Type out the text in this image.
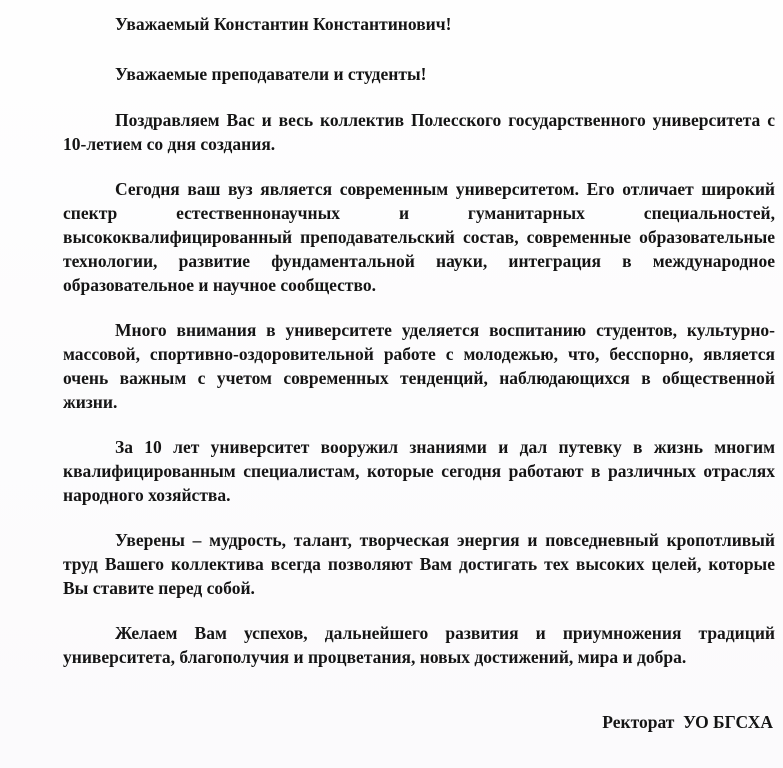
Уважаемый Константин Константинович!

Уважаемые преподаватели и студенты!

Поздравляем Вас и весь коллектив Полесского государственного университета с 10-летием со дня создания.

Сегодня ваш вуз является современным университетом. Его отличает широкий спектр естественнонаучных и гуманитарных специальностей, высококвалифицированный преподавательский состав, современные образовательные технологии, развитие фундаментальной науки, интеграция в международное образовательное и научное сообщество.

Много внимания в университете уделяется воспитанию студентов, культурно-массовой, спортивно-оздоровительной работе с молодежью, что, бесспорно, является очень важным с учетом современных тенденций, наблюдающихся в общественной жизни.

За 10 лет университет вооружил знаниями и дал путевку в жизнь многим квалифицированным специалистам, которые сегодня работают в различных отраслях народного хозяйства.

Уверены – мудрость, талант, творческая энергия и повседневный кропотливый труд Вашего коллектива всегда позволяют Вам достигать тех высоких целей, которые Вы ставите перед собой.

Желаем Вам успехов, дальнейшего развития и приумножения традиций университета, благополучия и процветания, новых достижений, мира и добра.

Ректорат  УО БГСХА
